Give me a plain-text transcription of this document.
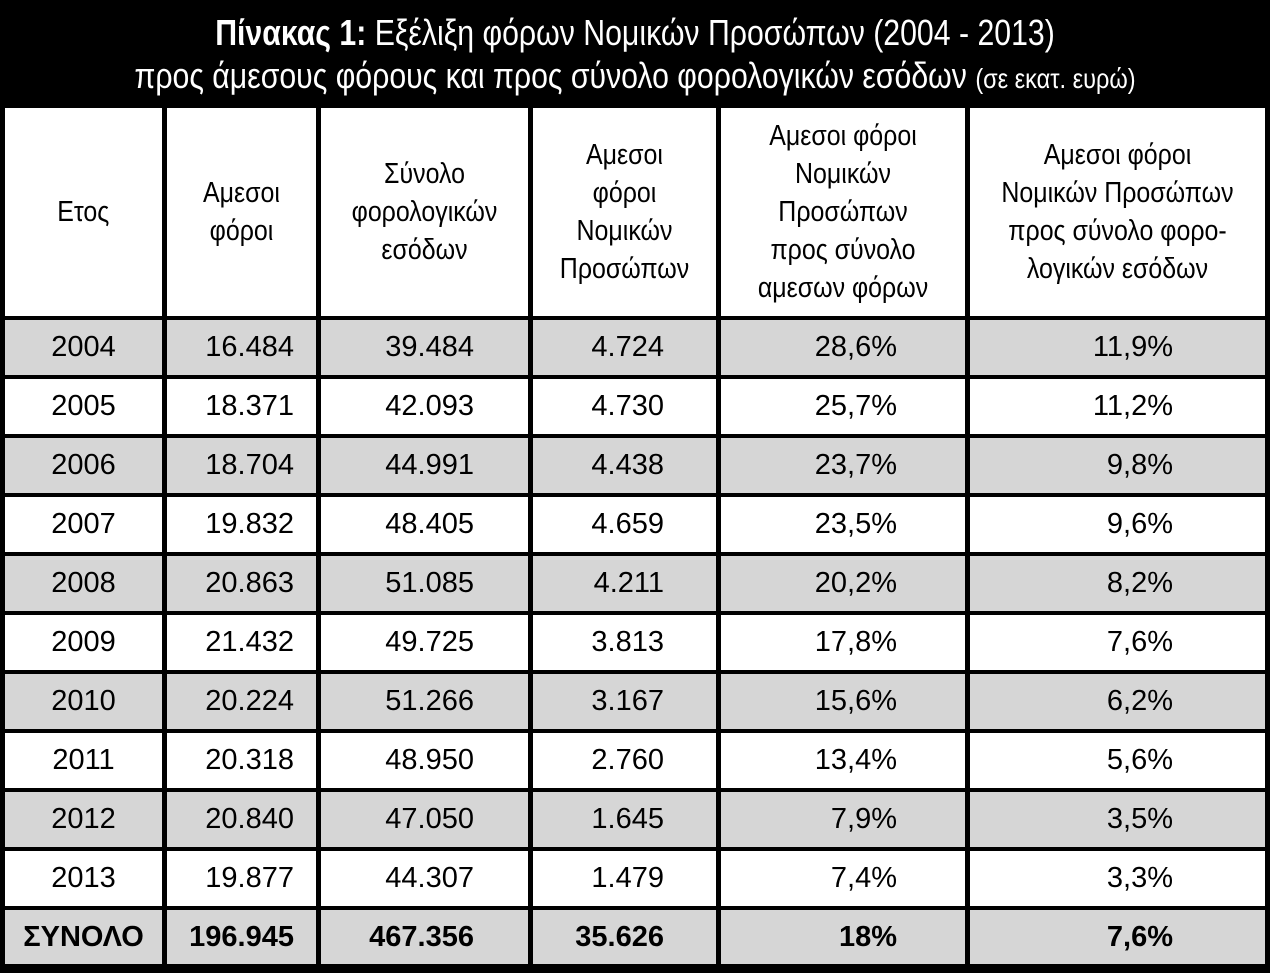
Πίνακας 1: Εξέλιξη φόρων Νομικών Προσώπων (2004 - 2013)
προς άμεσους φόρους και προς σύνολο φορολογικών εσόδων (σε εκατ. ευρώ)
Ετος	Αμεσοι φόροι	Σύνολο φορολογικών εσόδων	Αμεσοι φόροι Νομικών Προσώπων	Αμεσοι φόροι Νομικών Προσώπων προς σύνολο αμεσων φόρων	Αμεσοι φόροι Νομικών Προσώπων προς σύνολο φορο-λογικών εσόδων
2004	16.484	39.484	4.724	28,6%	11,9%
2005	18.371	42.093	4.730	25,7%	11,2%
2006	18.704	44.991	4.438	23,7%	9,8%
2007	19.832	48.405	4.659	23,5%	9,6%
2008	20.863	51.085	4.211	20,2%	8,2%
2009	21.432	49.725	3.813	17,8%	7,6%
2010	20.224	51.266	3.167	15,6%	6,2%
2011	20.318	48.950	2.760	13,4%	5,6%
2012	20.840	47.050	1.645	7,9%	3,5%
2013	19.877	44.307	1.479	7,4%	3,3%
ΣΥΝΟΛΟ	196.945	467.356	35.626	18%	7,6%
